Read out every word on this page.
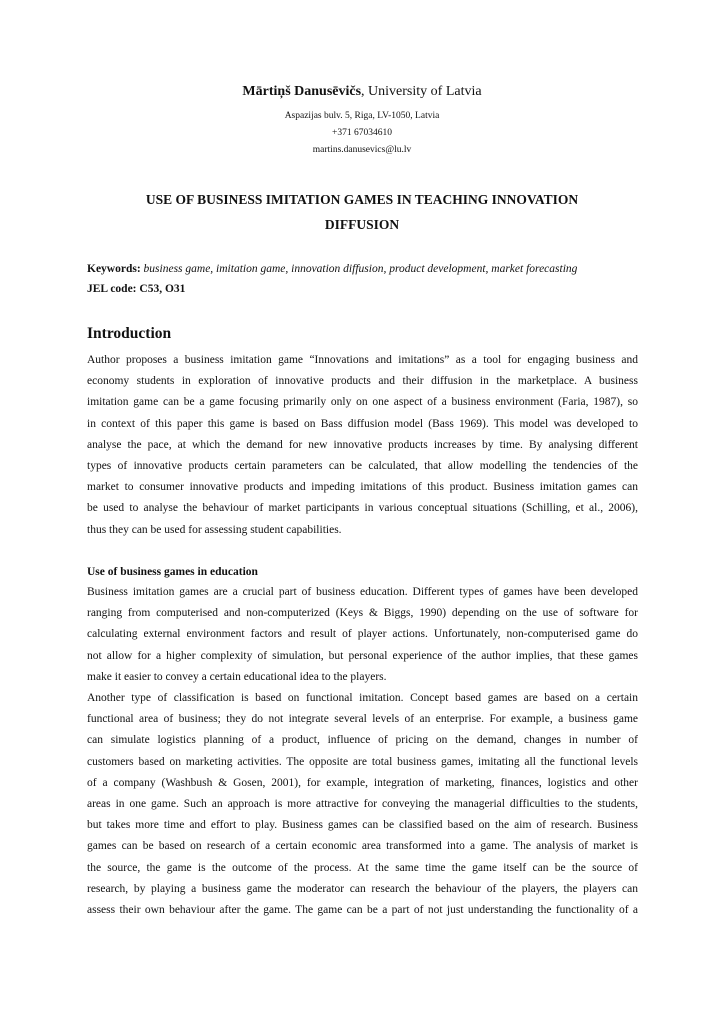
Mārtiņš Danusēvičs, University of Latvia
Aspazijas bulv. 5, Riga, LV-1050, Latvia
+371 67034610
martins.danusevics@lu.lv
USE OF BUSINESS IMITATION GAMES IN TEACHING INNOVATION
DIFFUSION
Keywords: business game, imitation game, innovation diffusion, product development, market forecasting
JEL code: C53, O31
Introduction
Author proposes a business imitation game “Innovations and imitations” as a tool for engaging business and
economy students in exploration of innovative products and their diffusion in the marketplace. A business
imitation game can be a game focusing primarily only on one aspect of a business environment (Faria, 1987), so
in context of this paper this game is based on Bass diffusion model (Bass 1969). This model was developed to
analyse the pace, at which the demand for new innovative products increases by time. By analysing different
types of innovative products certain parameters can be calculated, that allow modelling the tendencies of the
market to consumer innovative products and impeding imitations of this product. Business imitation games can
be used to analyse the behaviour of market participants in various conceptual situations (Schilling, et al., 2006),
thus they can be used for assessing student capabilities.
Use of business games in education
Business imitation games are a crucial part of business education. Different types of games have been developed
ranging from computerised and non-computerized (Keys & Biggs, 1990) depending on the use of software for
calculating external environment factors and result of player actions. Unfortunately, non-computerised game do
not allow for a higher complexity of simulation, but personal experience of the author implies, that these games
make it easier to convey a certain educational idea to the players.
Another type of classification is based on functional imitation. Concept based games are based on a certain
functional area of business; they do not integrate several levels of an enterprise. For example, a business game
can simulate logistics planning of a product, influence of pricing on the demand, changes in number of
customers based on marketing activities. The opposite are total business games, imitating all the functional levels
of a company (Washbush & Gosen, 2001), for example, integration of marketing, finances, logistics and other
areas in one game. Such an approach is more attractive for conveying the managerial difficulties to the students,
but takes more time and effort to play. Business games can be classified based on the aim of research. Business
games can be based on research of a certain economic area transformed into a game. The analysis of market is
the source, the game is the outcome of the process. At the same time the game itself can be the source of
research, by playing a business game the moderator can research the behaviour of the players, the players can
assess their own behaviour after the game. The game can be a part of not just understanding the functionality of a
